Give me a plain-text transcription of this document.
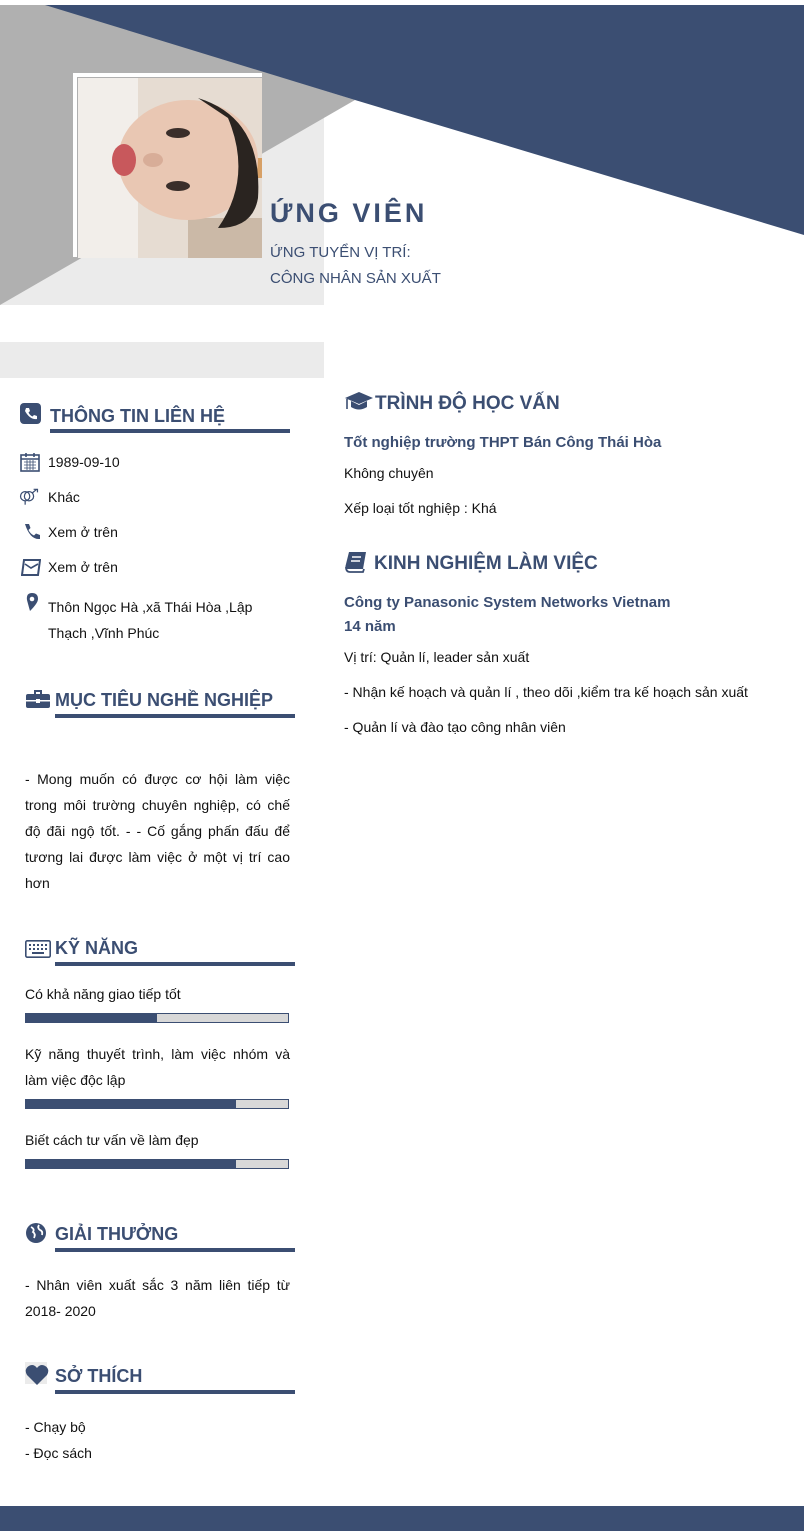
ỨNG VIÊN
ỨNG TUYỂN VỊ TRÍ:
CÔNG NHÂN SẢN XUẤT
THÔNG TIN LIÊN HỆ
1989-09-10
Khác
Xem ở trên
Xem ở trên
Thôn Ngọc Hà ,xã Thái Hòa ,Lập Thạch ,Vĩnh Phúc
MỤC TIÊU NGHỀ NGHIỆP
- Mong muốn có được cơ hội làm việc trong môi trường chuyên nghiệp, có chế độ đãi ngộ tốt. - - Cố gắng phấn đấu để tương lai được làm việc ở một vị trí cao hơn
KỸ NĂNG
Có khả năng giao tiếp tốt
Kỹ năng thuyết trình, làm việc nhóm và làm việc độc lập
Biết cách tư vấn về làm đẹp
GIẢI THƯỞNG
- Nhân viên xuất sắc 3 năm liên tiếp từ 2018- 2020
SỞ THÍCH
- Chạy bộ
- Đọc sách
TRÌNH ĐỘ HỌC VẤN
Tốt nghiệp trường THPT Bán Công Thái Hòa
Không chuyên
Xếp loại tốt nghiệp : Khá
KINH NGHIỆM LÀM VIỆC
Công ty Panasonic System Networks Vietnam
14 năm
Vị trí: Quản lí, leader sản xuất
- Nhận kế hoạch và quản lí , theo dõi ,kiểm tra kế hoạch sản xuất
- Quản lí và đào tạo công nhân viên
